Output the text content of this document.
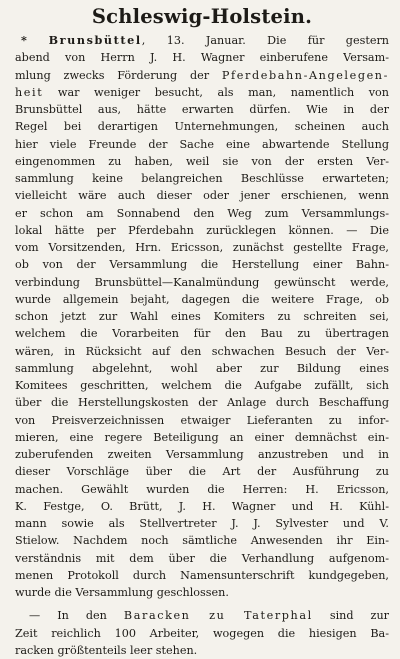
Schleswig-Holstein.
* Brunsbüttel, 13. Januar. Die für gestern
abend von Herrn J. H. Wagner einberufene Versam-
mlung zwecks Förderung der Pferdebahn-Angelegen-
heit war weniger besucht, als man, namentlich von
Brunsbüttel aus, hätte erwarten dürfen. Wie in der
Regel bei derartigen Unternehmungen, scheinen auch
hier viele Freunde der Sache eine abwartende Stellung
eingenommen zu haben, weil sie von der ersten Ver-
sammlung keine belangreichen Beschlüsse erwarteten;
vielleicht wäre auch dieser oder jener erschienen, wenn
er schon am Sonnabend den Weg zum Versammlungs-
lokal hätte per Pferdebahn zurücklegen können. — Die
vom Vorsitzenden, Hrn. Ericsson, zunächst gestellte Frage,
ob von der Versammlung die Herstellung einer Bahn-
verbindung Brunsbüttel—Kanalmündung gewünscht werde,
wurde allgemein bejaht, dagegen die weitere Frage, ob
schon jetzt zur Wahl eines Komiters zu schreiten sei,
welchem die Vorarbeiten für den Bau zu übertragen
wären, in Rücksicht auf den schwachen Besuch der Ver-
sammlung abgelehnt, wohl aber zur Bildung eines
Komitees geschritten, welchem die Aufgabe zufällt, sich
über die Herstellungskosten der Anlage durch Beschaffung
von Preisverzeichnissen etwaiger Lieferanten zu infor-
mieren, eine regere Beteiligung an einer demnächst ein-
zuberufenden zweiten Versammlung anzustreben und in
dieser Vorschläge über die Art der Ausführung zu
machen. Gewählt wurden die Herren: H. Ericsson,
K. Festge, O. Brütt, J. H. Wagner und H. Kühl-
mann sowie als Stellvertreter J. J. Sylvester und V.
Stielow. Nachdem noch sämtliche Anwesenden ihr Ein-
verständnis mit dem über die Verhandlung aufgenom-
menen Protokoll durch Namensunterschrift kundgegeben,
wurde die Versammlung geschlossen.
— In den Baracken zu Taterphal sind zur
Zeit reichlich 100 Arbeiter, wogegen die hiesigen Ba-
racken größtenteils leer stehen.
